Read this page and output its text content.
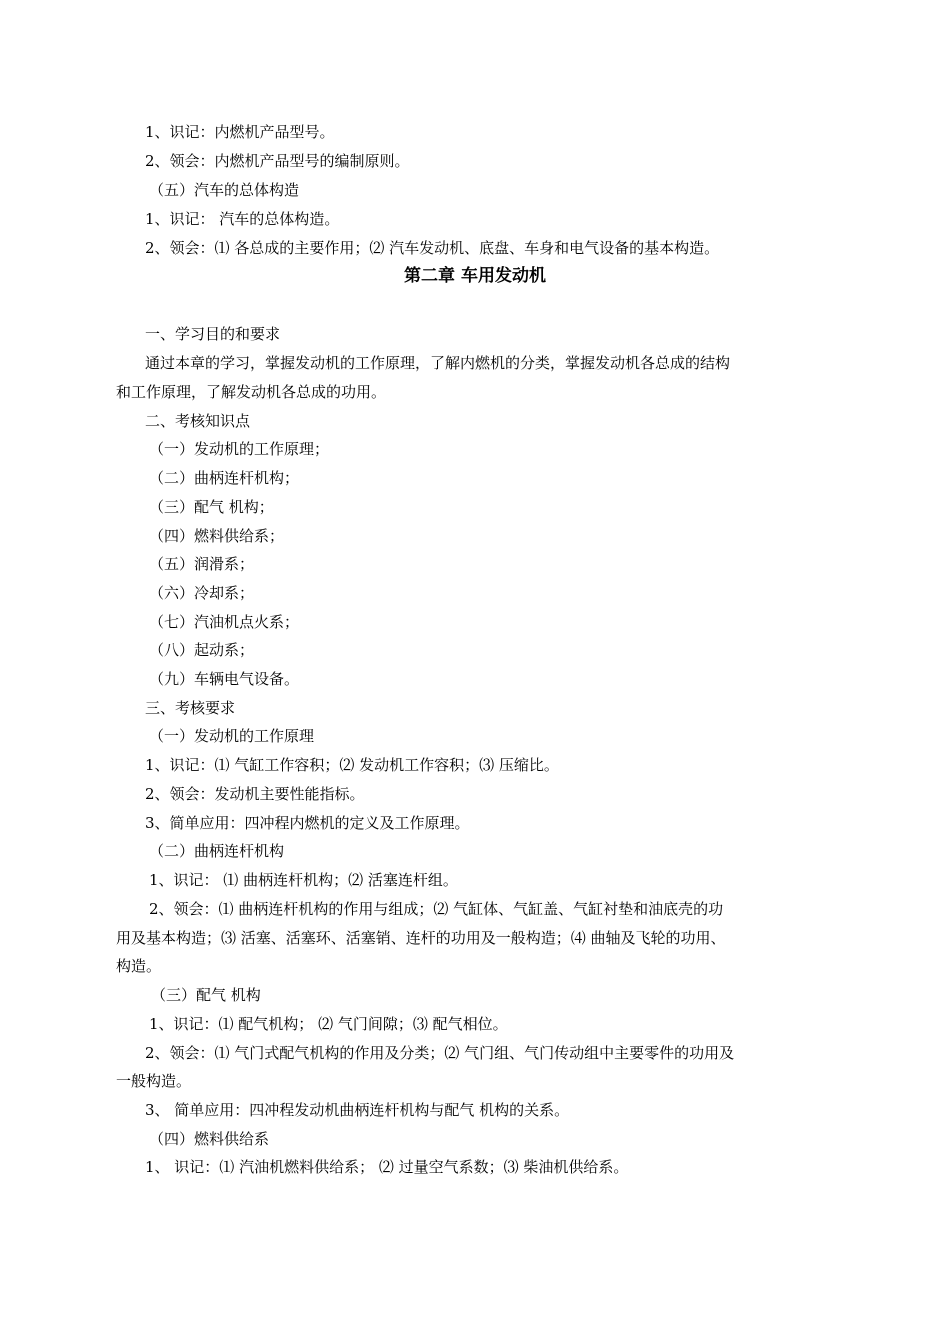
1、识记：内燃机产品型号。
2、领会：内燃机产品型号的编制原则。
（五）汽车的总体构造
1、识记： 汽车的总体构造。
2、领会：⑴ 各总成的主要作用；⑵ 汽车发动机、底盘、车身和电气设备的基本构造。
第二章 车用发动机
一、学习目的和要求
通过本章的学习，掌握发动机的工作原理，了解内燃机的分类，掌握发动机各总成的结构
和工作原理，了解发动机各总成的功用。
二、考核知识点
（一）发动机的工作原理；
（二）曲柄连杆机构；
（三）配气 机构；
（四）燃料供给系；
（五）润滑系；
（六）冷却系；
（七）汽油机点火系；
（八）起动系；
（九）车辆电气设备。
三、考核要求
（一）发动机的工作原理
1、识记：⑴ 气缸工作容积；⑵ 发动机工作容积；⑶ 压缩比。
2、领会：发动机主要性能指标。
3、简单应用：四冲程内燃机的定义及工作原理。
（二）曲柄连杆机构
1、识记： ⑴ 曲柄连杆机构；⑵ 活塞连杆组。
2、领会：⑴ 曲柄连杆机构的作用与组成；⑵ 气缸体、气缸盖、气缸衬垫和油底壳的功
用及基本构造；⑶ 活塞、活塞环、活塞销、连杆的功用及一般构造；⑷ 曲轴及飞轮的功用、
构造。
（三）配气 机构
1、识记：⑴ 配气机构； ⑵ 气门间隙；⑶ 配气相位。
2、领会：⑴ 气门式配气机构的作用及分类；⑵ 气门组、气门传动组中主要零件的功用及
一般构造。
3、 简单应用：四冲程发动机曲柄连杆机构与配气 机构的关系。
（四）燃料供给系
1、 识记：⑴ 汽油机燃料供给系； ⑵ 过量空气系数；⑶ 柴油机供给系。
